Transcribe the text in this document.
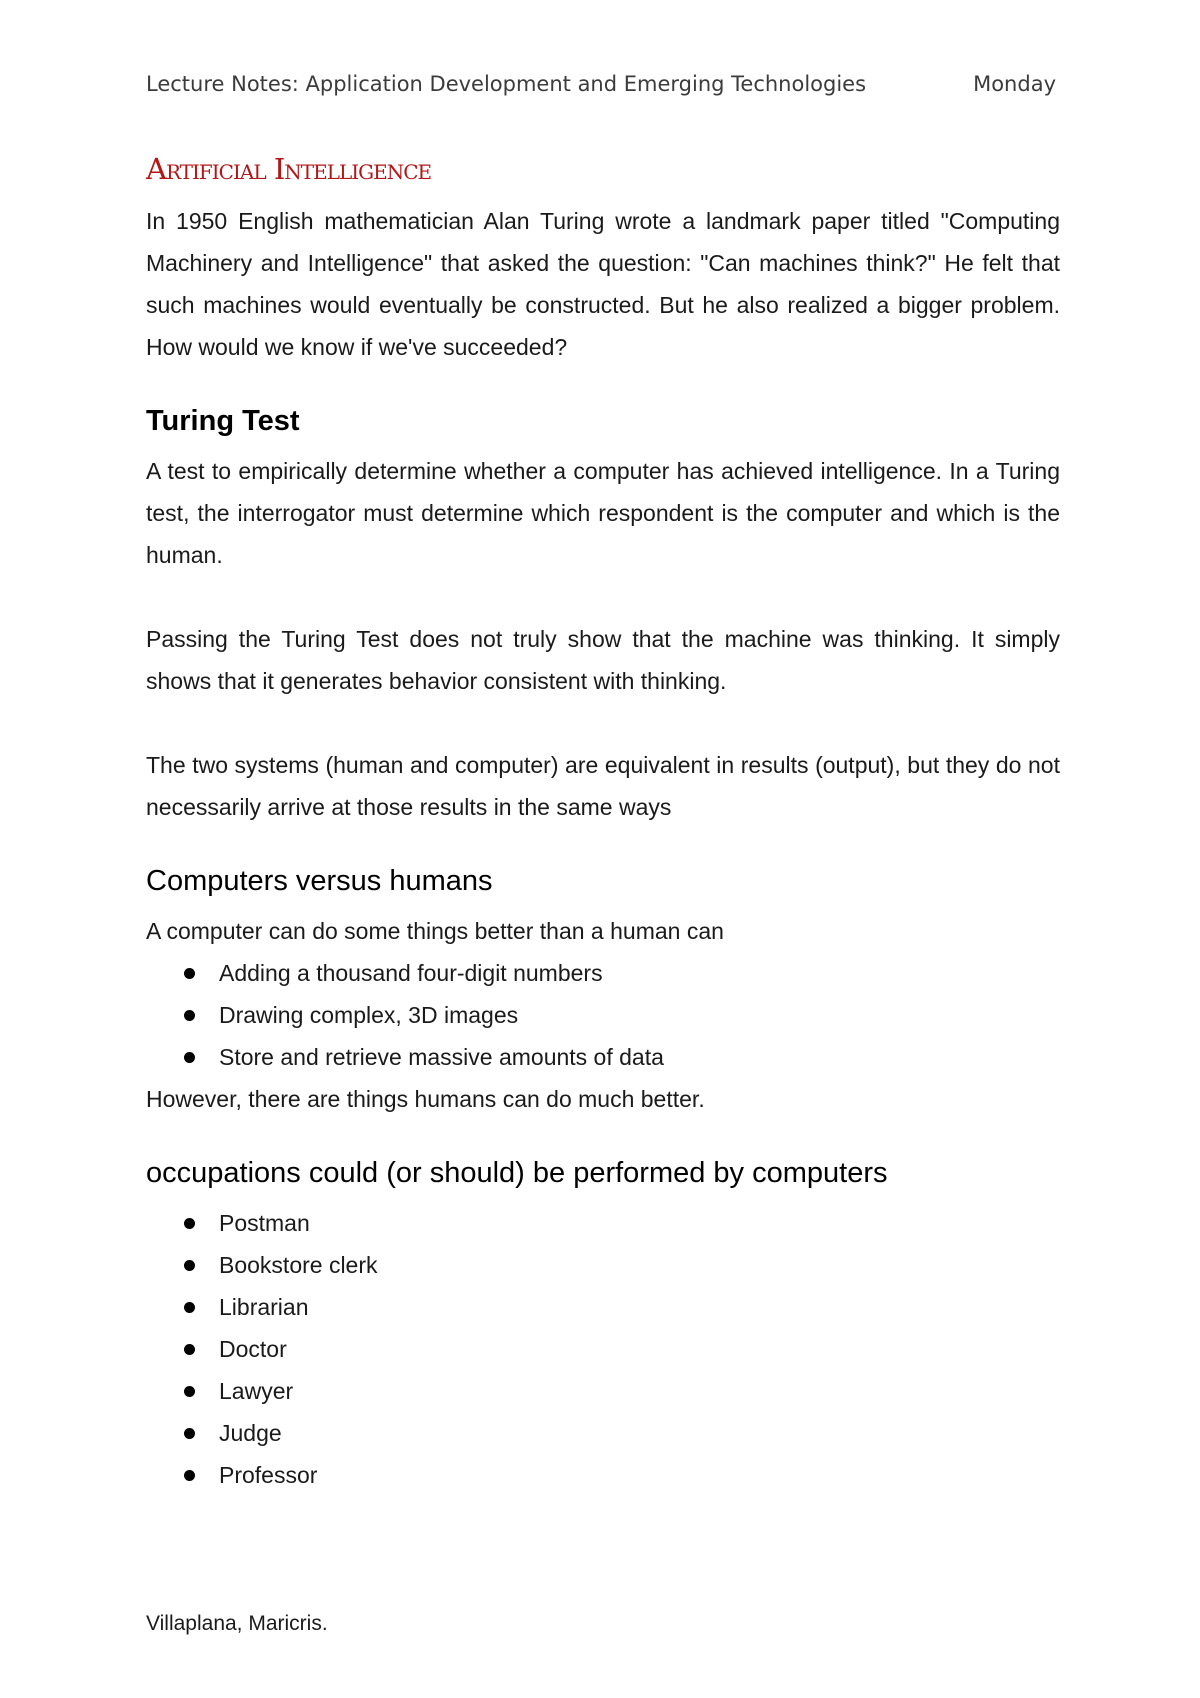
Lecture Notes: Application Development and Emerging Technologies	Monday
Artificial Intelligence

In 1950 English mathematician Alan Turing wrote a landmark paper titled "Computing Machinery and Intelligence" that asked the question: "Can machines think?" He felt that such machines would eventually be constructed. But he also realized a bigger problem. How would we know if we've succeeded?

Turing Test

A test to empirically determine whether a computer has achieved intelligence. In a Turing test, the interrogator must determine which respondent is the computer and which is the human.

Passing the Turing Test does not truly show that the machine was thinking. It simply shows that it generates behavior consistent with thinking.

The two systems (human and computer) are equivalent in results (output), but they do not necessarily arrive at those results in the same ways

Computers versus humans

A computer can do some things better than a human can

Adding a thousand four-digit numbers
Drawing complex, 3D images
Store and retrieve massive amounts of data

However, there are things humans can do much better.

occupations could (or should) be performed by computers
Postman
Bookstore clerk
Librarian
Doctor
Lawyer
Judge
Professor
Villaplana, Maricris.
